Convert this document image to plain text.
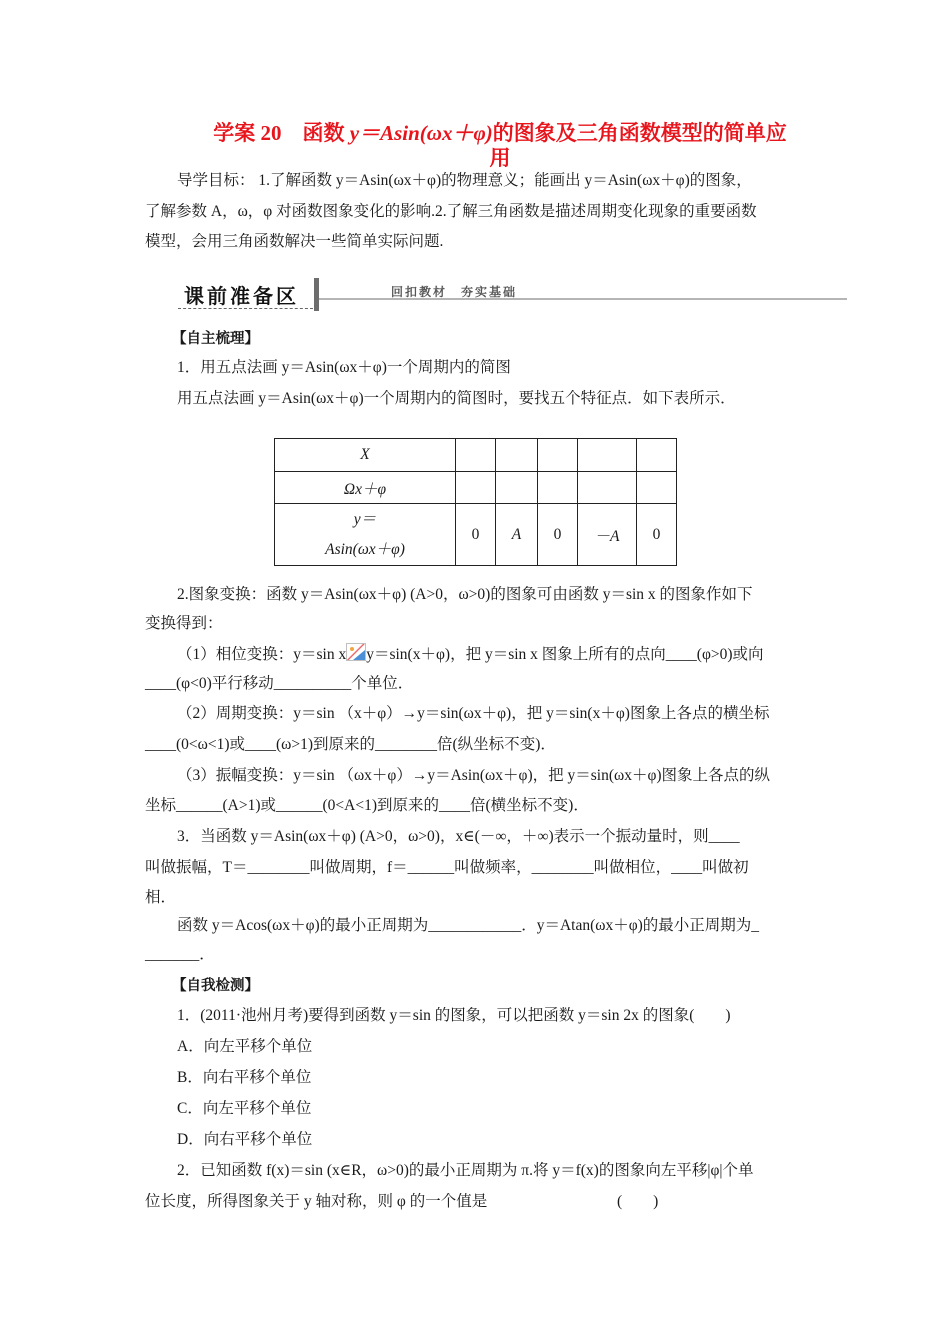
学案 20　函数 y＝Asin(ωx＋φ)的图象及三角函数模型的简单应
用
导学目标： 1.了解函数 y＝Asin(ωx＋φ)的物理意义；能画出 y＝Asin(ωx＋φ)的图象，
了解参数 A，ω，φ 对函数图象变化的影响.2.了解三角函数是描述周期变化现象的重要函数
模型，会用三角函数解决一些简单实际问题.
课前准备区	回扣教材　夯实基础
【自主梳理】
1．用五点法画 y＝Asin(ωx＋φ)一个周期内的简图
用五点法画 y＝Asin(ωx＋φ)一个周期内的简图时，要找五个特征点．如下表所示．
X					
Ωx＋φ					
y＝
Asin(ωx＋φ)	0	A	0	－A	0
2.图象变换：函数 y＝Asin(ωx＋φ) (A>0，ω>0)的图象可由函数 y＝sin x 的图象作如下
变换得到：
（1）相位变换：y＝sin x y＝sin(x＋φ)，把 y＝sin x 图象上所有的点向____(φ>0)或向
____(φ<0)平行移动__________个单位．
（2）周期变换：y＝sin （x＋φ）→y＝sin(ωx＋φ)，把 y＝sin(x＋φ)图象上各点的横坐标
____(0<ω<1)或____(ω>1)到原来的________倍(纵坐标不变)．
（3）振幅变换：y＝sin （ωx＋φ）→y＝Asin(ωx＋φ)，把 y＝sin(ωx＋φ)图象上各点的纵
坐标______(A>1)或______(0<A<1)到原来的____倍(横坐标不变)．
3．当函数 y＝Asin(ωx＋φ) (A>0，ω>0)，x∈(－∞，＋∞)表示一个振动量时，则____
叫做振幅，T＝________叫做周期，f＝______叫做频率，________叫做相位，____叫做初
相．
函数 y＝Acos(ωx＋φ)的最小正周期为____________．y＝Atan(ωx＋φ)的最小正周期为_
_______．
【自我检测】
1．(2011·池州月考)要得到函数 y＝sin 的图象，可以把函数 y＝sin 2x 的图象(　　)
A．向左平移个单位
B．向右平移个单位
C．向左平移个单位
D．向右平移个单位
2．已知函数 f(x)＝sin (x∈R，ω>0)的最小正周期为 π.将 y＝f(x)的图象向左平移|φ|个单
位长度，所得图象关于 y 轴对称，则 φ 的一个值是	(　　)
